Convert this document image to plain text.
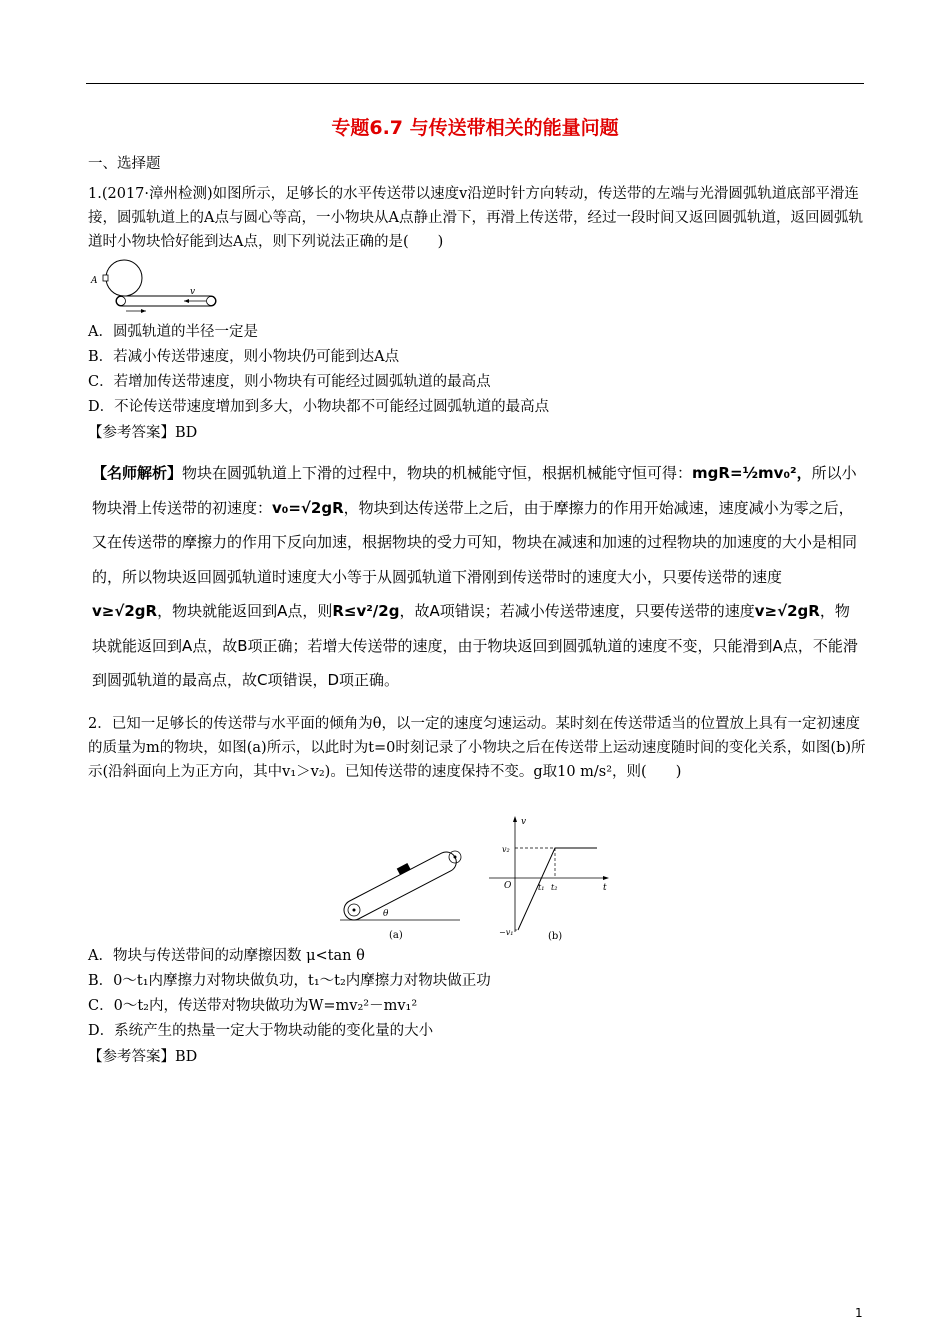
专题6.7 与传送带相关的能量问题
一、选择题
1.(2017·漳州检测)如图所示，足够长的水平传送带以速度v沿逆时针方向转动，传送带的左端与光滑圆弧轨道底部平滑连接，圆弧轨道上的A点与圆心等高，一小物块从A点静止滑下，再滑上传送带，经过一段时间又返回圆弧轨道，返回圆弧轨道时小物块恰好能到达A点，则下列说法正确的是(　　)
A
v
A．圆弧轨道的半径一定是
B．若减小传送带速度，则小物块仍可能到达A点
C．若增加传送带速度，则小物块有可能经过圆弧轨道的最高点
D．不论传送带速度增加到多大，小物块都不可能经过圆弧轨道的最高点
【参考答案】BD
【名师解析】物块在圆弧轨道上下滑的过程中，物块的机械能守恒，根据机械能守恒可得：mgR=½mv₀²，所以小物块滑上传送带的初速度：v₀=√2gR，物块到达传送带上之后，由于摩擦力的作用开始减速，速度减小为零之后，又在传送带的摩擦力的作用下反向加速，根据物块的受力可知，物块在减速和加速的过程物块的加速度的大小是相同的，所以物块返回圆弧轨道时速度大小等于从圆弧轨道下滑刚到传送带时的速度大小，只要传送带的速度v≥√2gR，物块就能返回到A点，则R≤v²/2g，故A项错误；若减小传送带速度，只要传送带的速度v≥√2gR，物块就能返回到A点，故B项正确；若增大传送带的速度，由于物块返回到圆弧轨道的速度不变，只能滑到A点，不能滑到圆弧轨道的最高点，故C项错误，D项正确。
2．已知一足够长的传送带与水平面的倾角为θ，以一定的速度匀速运动。某时刻在传送带适当的位置放上具有一定初速度的质量为m的物块，如图(a)所示，以此时为t=0时刻记录了小物块之后在传送带上运动速度随时间的变化关系，如图(b)所示(沿斜面向上为正方向，其中v₁＞v₂)。已知传送带的速度保持不变。g取10 m/s²，则(　　)
θ
(a)
v
t
O
v₂
−v₁
t₁ t₂
(b)
A．物块与传送带间的动摩擦因数 μ<tan θ
B．0～t₁内摩擦力对物块做负功，t₁～t₂内摩擦力对物块做正功
C．0～t₂内，传送带对物块做功为W=mv₂²－mv₁²
D．系统产生的热量一定大于物块动能的变化量的大小
【参考答案】BD
1
